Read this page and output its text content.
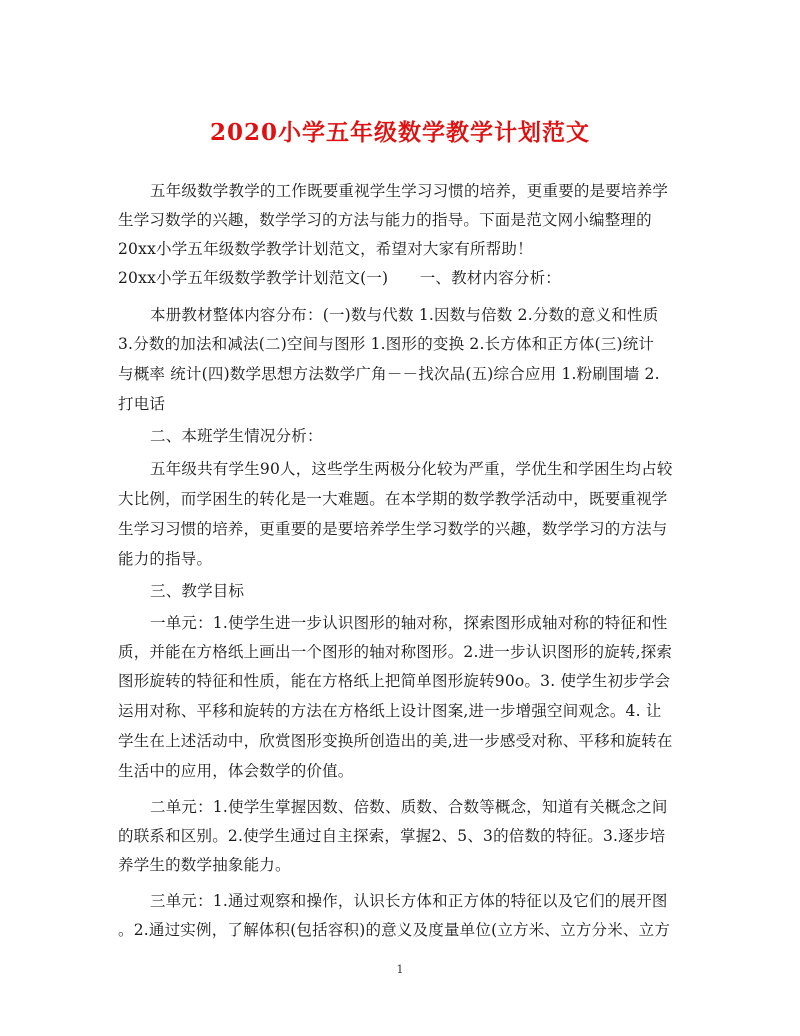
2020小学五年级数学教学计划范文
五年级数学教学的工作既要重视学生学习习惯的培养，更重要的是要培养学
生学习数学的兴趣，数学学习的方法与能力的指导。下面是范文网小编整理的
20xx小学五年级数学教学计划范文，希望对大家有所帮助！
20xx小学五年级数学教学计划范文(一)　　一、教材内容分析：
本册教材整体内容分布：(一)数与代数 1.因数与倍数 2.分数的意义和性质
3.分数的加法和减法(二)空间与图形 1.图形的变换 2.长方体和正方体(三)统计
与概率 统计(四)数学思想方法数学广角－－找次品(五)综合应用 1.粉刷围墙 2.
打电话
二、本班学生情况分析：
五年级共有学生90人，这些学生两极分化较为严重，学优生和学困生均占较
大比例，而学困生的转化是一大难题。在本学期的数学教学活动中，既要重视学
生学习习惯的培养，更重要的是要培养学生学习数学的兴趣，数学学习的方法与
能力的指导。
三、教学目标
一单元：1.使学生进一步认识图形的轴对称，探索图形成轴对称的特征和性
质，并能在方格纸上画出一个图形的轴对称图形。2.进一步认识图形的旋转,探索
图形旋转的特征和性质，能在方格纸上把简单图形旋转90o。3. 使学生初步学会
运用对称、平移和旋转的方法在方格纸上设计图案,进一步增强空间观念。4. 让
学生在上述活动中，欣赏图形变换所创造出的美,进一步感受对称、平移和旋转在
生活中的应用，体会数学的价值。
二单元：1.使学生掌握因数、倍数、质数、合数等概念，知道有关概念之间
的联系和区别。2.使学生通过自主探索，掌握2、5、3的倍数的特征。3.逐步培
养学生的数学抽象能力。
三单元：1.通过观察和操作，认识长方体和正方体的特征以及它们的展开图
。2.通过实例，了解体积(包括容积)的意义及度量单位(立方米、立方分米、立方
1
